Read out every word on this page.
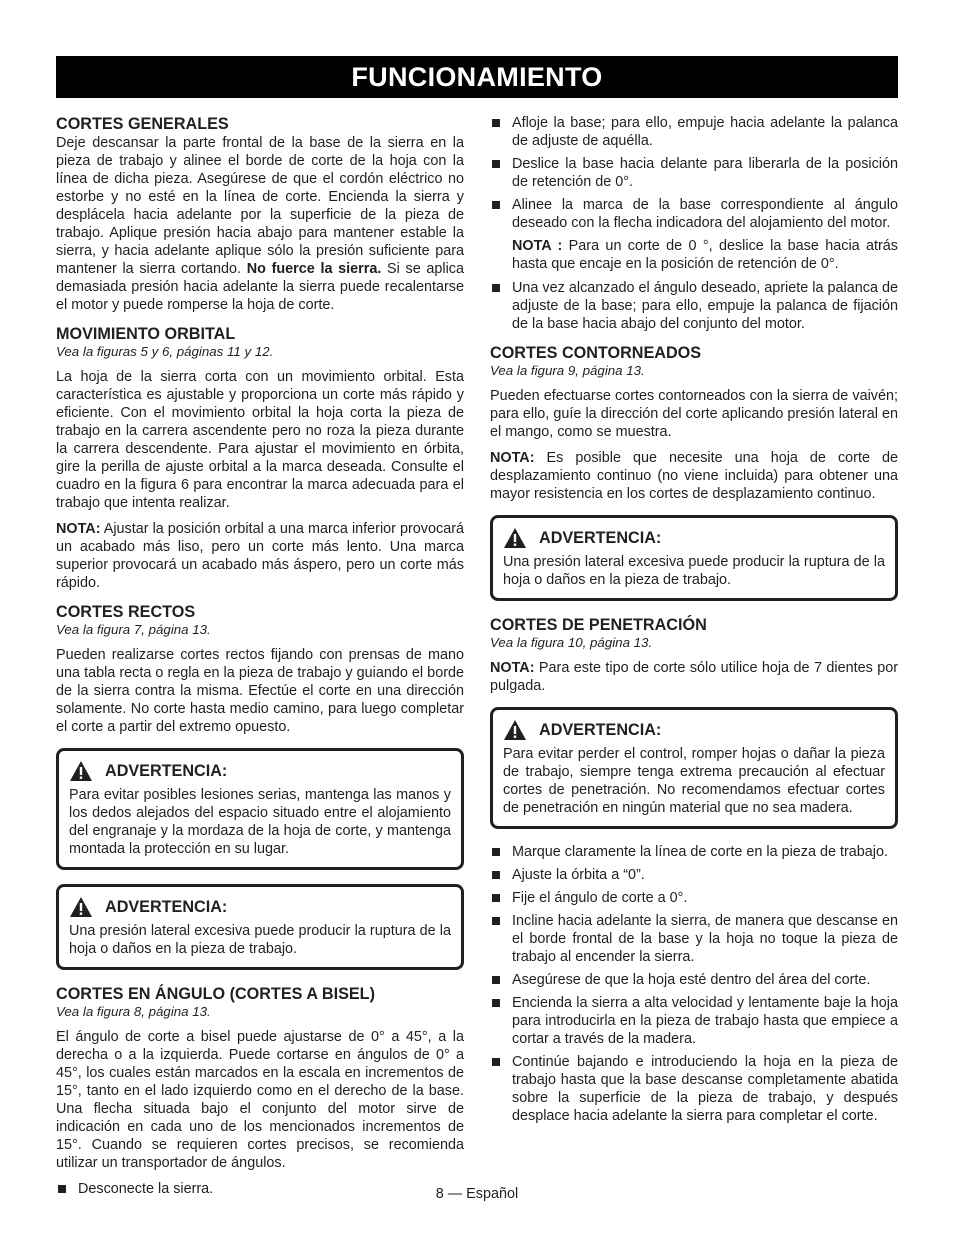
FUNCIONAMIENTO
CORTES GENERALES

Deje descansar la parte frontal de la base de la sierra en la pieza de trabajo y alinee el borde de corte de la hoja con la línea de dicha pieza. Asegúrese de que el cordón eléctrico no estorbe y no esté en la línea de corte. Encienda la sierra y desplácela hacia adelante por la superficie de la pieza de trabajo. Aplique presión hacia abajo para mantener estable la sierra, y hacia adelante aplique sólo la presión suficiente para mantener la sierra cortando. No fuerce la sierra. Si se aplica demasiada presión hacia adelante la sierra puede recalentarse el motor y puede romperse la hoja de corte.

MOVIMIENTO ORBITAL
Vea la figuras 5 y 6, páginas 11 y 12.

La hoja de la sierra corta con un movimiento orbital. Esta característica es ajustable y proporciona un corte más rápido y eficiente. Con el movimiento orbital la hoja corta la pieza de trabajo en la carrera ascendente pero no roza la pieza durante la carrera descendente. Para ajustar el movimiento en órbita, gire la perilla de ajuste orbital a la marca deseada. Consulte el cuadro en la figura 6 para encontrar la marca adecuada para el trabajo que intenta realizar.

NOTA: Ajustar la posición orbital a una marca inferior provocará un acabado más liso, pero un corte más lento. Una marca superior provocará un acabado más áspero, pero un corte más rápido.

CORTES RECTOS
Vea la figura 7, página 13.

Pueden realizarse cortes rectos fijando con prensas de mano una tabla recta o regla en la pieza de trabajo y guiando el borde de la sierra contra la misma. Efectúe el corte en una dirección solamente. No corte hasta medio camino, para luego completar el corte a partir del extremo opuesto.

ADVERTENCIA:
Para evitar posibles lesiones serias, mantenga las manos y los dedos alejados del espacio situado entre el alojamiento del engranaje y la mordaza de la hoja de corte, y mantenga montada la protección en su lugar.
ADVERTENCIA:
Una presión lateral excesiva puede producir la ruptura de la hoja o daños en la pieza de trabajo.
CORTES EN ÁNGULO (CORTES A BISEL)
Vea la figura 8, página 13.

El ángulo de corte a bisel puede ajustarse de 0° a 45°, a la derecha o a la izquierda. Puede cortarse en ángulos de 0° a 45°, los cuales están marcados en la escala en incrementos de 15°, tanto en el lado izquierdo como en el derecho de la base. Una flecha situada bajo el conjunto del motor sirve de indicación en cada uno de los mencionados incrementos de 15°. Cuando se requieren cortes precisos, se recomienda utilizar un transportador de ángulos.

Desconecte la sierra.
Afloje la base; para ello, empuje hacia adelante la palanca de adjuste de aquélla.
Deslice la base hacia delante para liberarla de la posición de retención de 0°.
Alinee la marca de la base correspondiente al ángulo deseado con la flecha indicadora del alojamiento del motor.
NOTA : Para un corte de 0 °, deslice la base hacia atrás hasta que encaje en la posición de retención de 0°.
Una vez alcanzado el ángulo deseado, apriete la palanca de adjuste de la base; para ello, empuje la palanca de fijación de la base hacia abajo del conjunto del motor.
CORTES CONTORNEADOS
Vea la figura 9, página 13.

Pueden efectuarse cortes contorneados con la sierra de vaivén; para ello, guíe la dirección del corte aplicando presión lateral en el mango, como se muestra.

NOTA: Es posible que necesite una hoja de corte de desplazamiento continuo (no viene incluida) para obtener una mayor resistencia en los cortes de desplazamiento continuo.

ADVERTENCIA:
Una presión lateral excesiva puede producir la ruptura de la hoja o daños en la pieza de trabajo.
CORTES DE PENETRACIÓN
Vea la figura 10, página 13.

NOTA: Para este tipo de corte sólo utilice hoja de 7 dientes por pulgada.

ADVERTENCIA:
Para evitar perder el control, romper hojas o dañar la pieza de trabajo, siempre tenga extrema precaución al efectuar cortes de penetración. No recomendamos efectuar cortes de penetración en ningún material que no sea madera.
Marque claramente la línea de corte en la pieza de trabajo.
Ajuste la órbita a “0”.
Fije el ángulo de corte a 0°.
Incline hacia adelante la sierra, de manera que descanse en el borde frontal de la base y la hoja no toque la pieza de trabajo al encender la sierra.
Asegúrese de que la hoja esté dentro del área del corte.
Encienda la sierra a alta velocidad y lentamente baje la hoja para introducirla en la pieza de trabajo hasta que empiece a cortar a través de la madera.
Continúe bajando e introduciendo la hoja en la pieza de trabajo hasta que la base descanse completamente abatida sobre la superficie de la pieza de trabajo, y después desplace hacia adelante la sierra para completar el corte.
8 — Español
